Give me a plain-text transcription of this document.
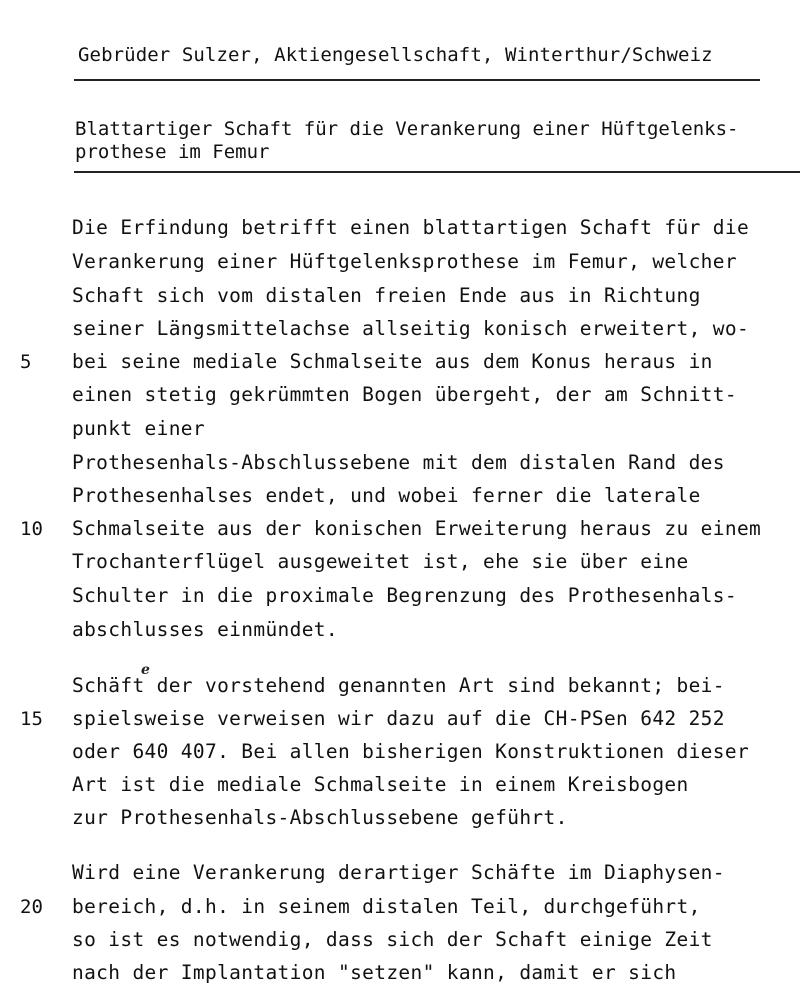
Gebrüder Sulzer, Aktiengesellschaft, Winterthur/Schweiz
Blattartiger Schaft für die Verankerung einer Hüftgelenks-
prothese im Femur
Die Erfindung betrifft einen blattartigen Schaft für die
Verankerung einer Hüftgelenksprothese im Femur, welcher
Schaft sich vom distalen freien Ende aus in Richtung
seiner Längsmittelachse allseitig konisch erweitert, wo-
bei seine mediale Schmalseite aus dem Konus heraus in
einen stetig gekrümmten Bogen übergeht, der am Schnitt-
punkt einer
Prothesenhals-Abschlussebene mit dem distalen Rand des
Prothesenhalses endet, und wobei ferner die laterale
Schmalseite aus der konischen Erweiterung heraus zu einem
Trochanterflügel ausgeweitet ist, ehe sie über eine
Schulter in die proximale Begrenzung des Prothesenhals-
abschlusses einmündet.
Schäft der vorstehend genannten Art sind bekannt; bei-
e
spielsweise verweisen wir dazu auf die CH-PSen 642 252
oder 640 407. Bei allen bisherigen Konstruktionen dieser
Art ist die mediale Schmalseite in einem Kreisbogen
zur Prothesenhals-Abschlussebene geführt.
Wird eine Verankerung derartiger Schäfte im Diaphysen-
bereich, d.h. in seinem distalen Teil, durchgeführt,
so ist es notwendig, dass sich der Schaft einige Zeit
nach der Implantation "setzen" kann, damit er sich
5
10
15
20
